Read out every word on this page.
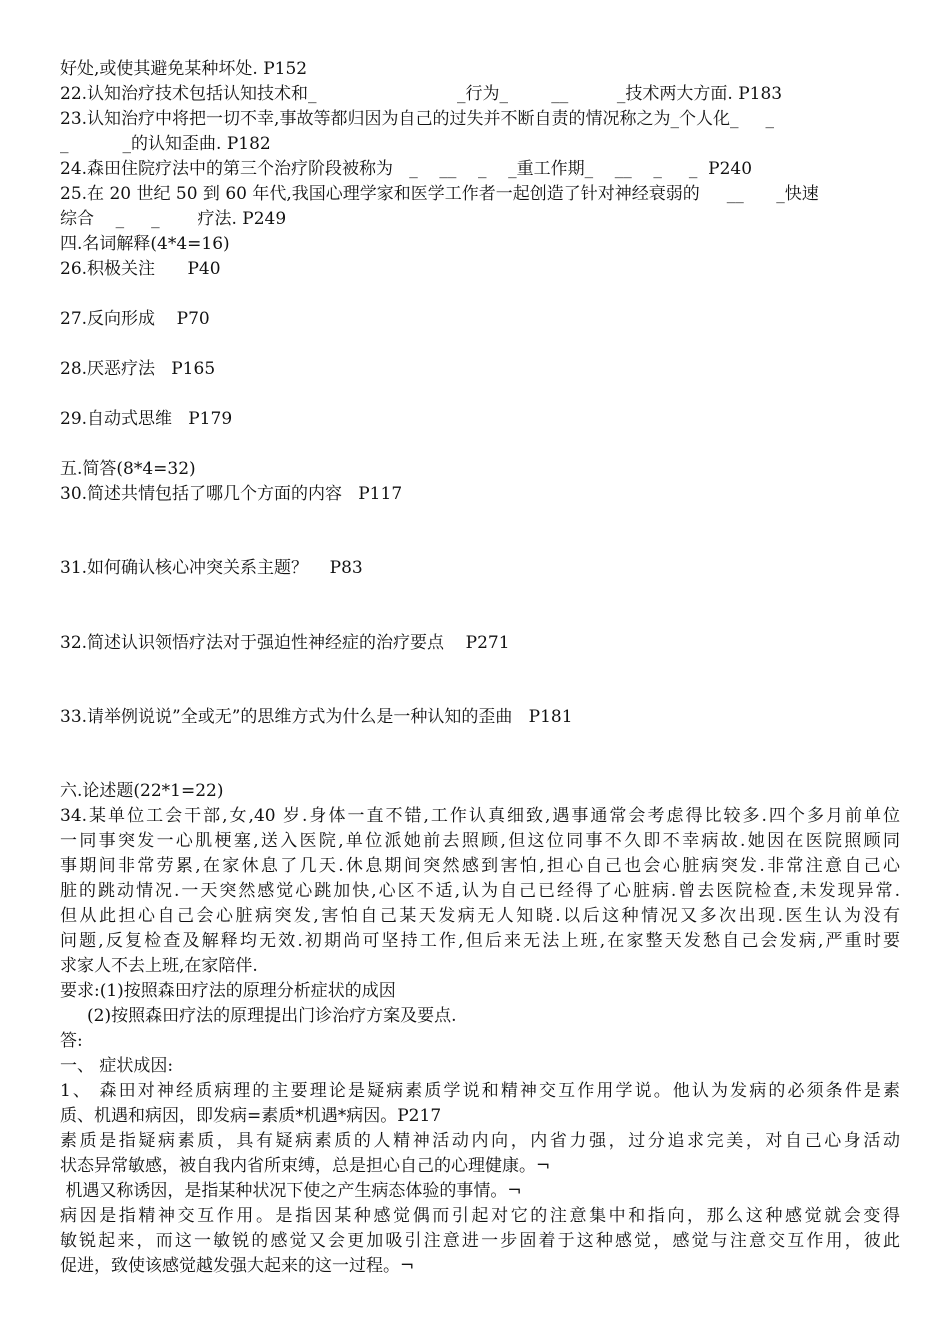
好处,或使其避免某种坏处. P152
22.认知治疗技术包括认知技术和_                          _行为_        __         _技术两大方面. P183
23.认知治疗中将把一切不幸,事故等都归因为自己的过失并不断自责的情况称之为_个人化_     _
_          _的认知歪曲. P182
24.森田住院疗法中的第三个治疗阶段被称为   _    __    _    _重工作期_    __    _     _  P240
25.在 20 世纪 50 到 60 年代,我国心理学家和医学工作者一起创造了针对神经衰弱的     __      _快速
综合    _     _       疗法. P249
四.名词解释(4*4=16)
26.积极关注      P40
27.反向形成    P70
28.厌恶疗法   P165
29.自动式思维   P179
五.简答(8*4=32)
30.简述共情包括了哪几个方面的内容   P117
31.如何确认核心冲突关系主题？    P83
32.简述认识领悟疗法对于强迫性神经症的治疗要点    P271
33.请举例说说”全或无”的思维方式为什么是一种认知的歪曲   P181
六.论述题(22*1=22)
34.某单位工会干部,女,40 岁.身体一直不错,工作认真细致,遇事通常会考虑得比较多.四个多月前单位
一同事突发一心肌梗塞,送入医院,单位派她前去照顾,但这位同事不久即不幸病故.她因在医院照顾同
事期间非常劳累,在家休息了几天.休息期间突然感到害怕,担心自己也会心脏病突发.非常注意自己心
脏的跳动情况.一天突然感觉心跳加快,心区不适,认为自己已经得了心脏病.曾去医院检查,未发现异常.
但从此担心自己会心脏病突发,害怕自己某天发病无人知晓.以后这种情况又多次出现.医生认为没有
问题,反复检查及解释均无效.初期尚可坚持工作,但后来无法上班,在家整天发愁自己会发病,严重时要
求家人不去上班,在家陪伴.
要求:(1)按照森田疗法的原理分析症状的成因
(2)按照森田疗法的原理提出门诊治疗方案及要点.
答:
一、 症状成因:
1、 森田对神经质病理的主要理论是疑病素质学说和精神交互作用学说。他认为发病的必须条件是素
质、机遇和病因，即发病=素质*机遇*病因。P217
素质是指疑病素质，具有疑病素质的人精神活动内向，内省力强，过分追求完美，对自己心身活动
状态异常敏感，被自我内省所束缚，总是担心自己的心理健康。¬
机遇又称诱因，是指某种状况下使之产生病态体验的事情。¬
病因是指精神交互作用。是指因某种感觉偶而引起对它的注意集中和指向，那么这种感觉就会变得
敏锐起来，而这一敏锐的感觉又会更加吸引注意进一步固着于这种感觉，感觉与注意交互作用，彼此
促进，致使该感觉越发强大起来的这一过程。¬
